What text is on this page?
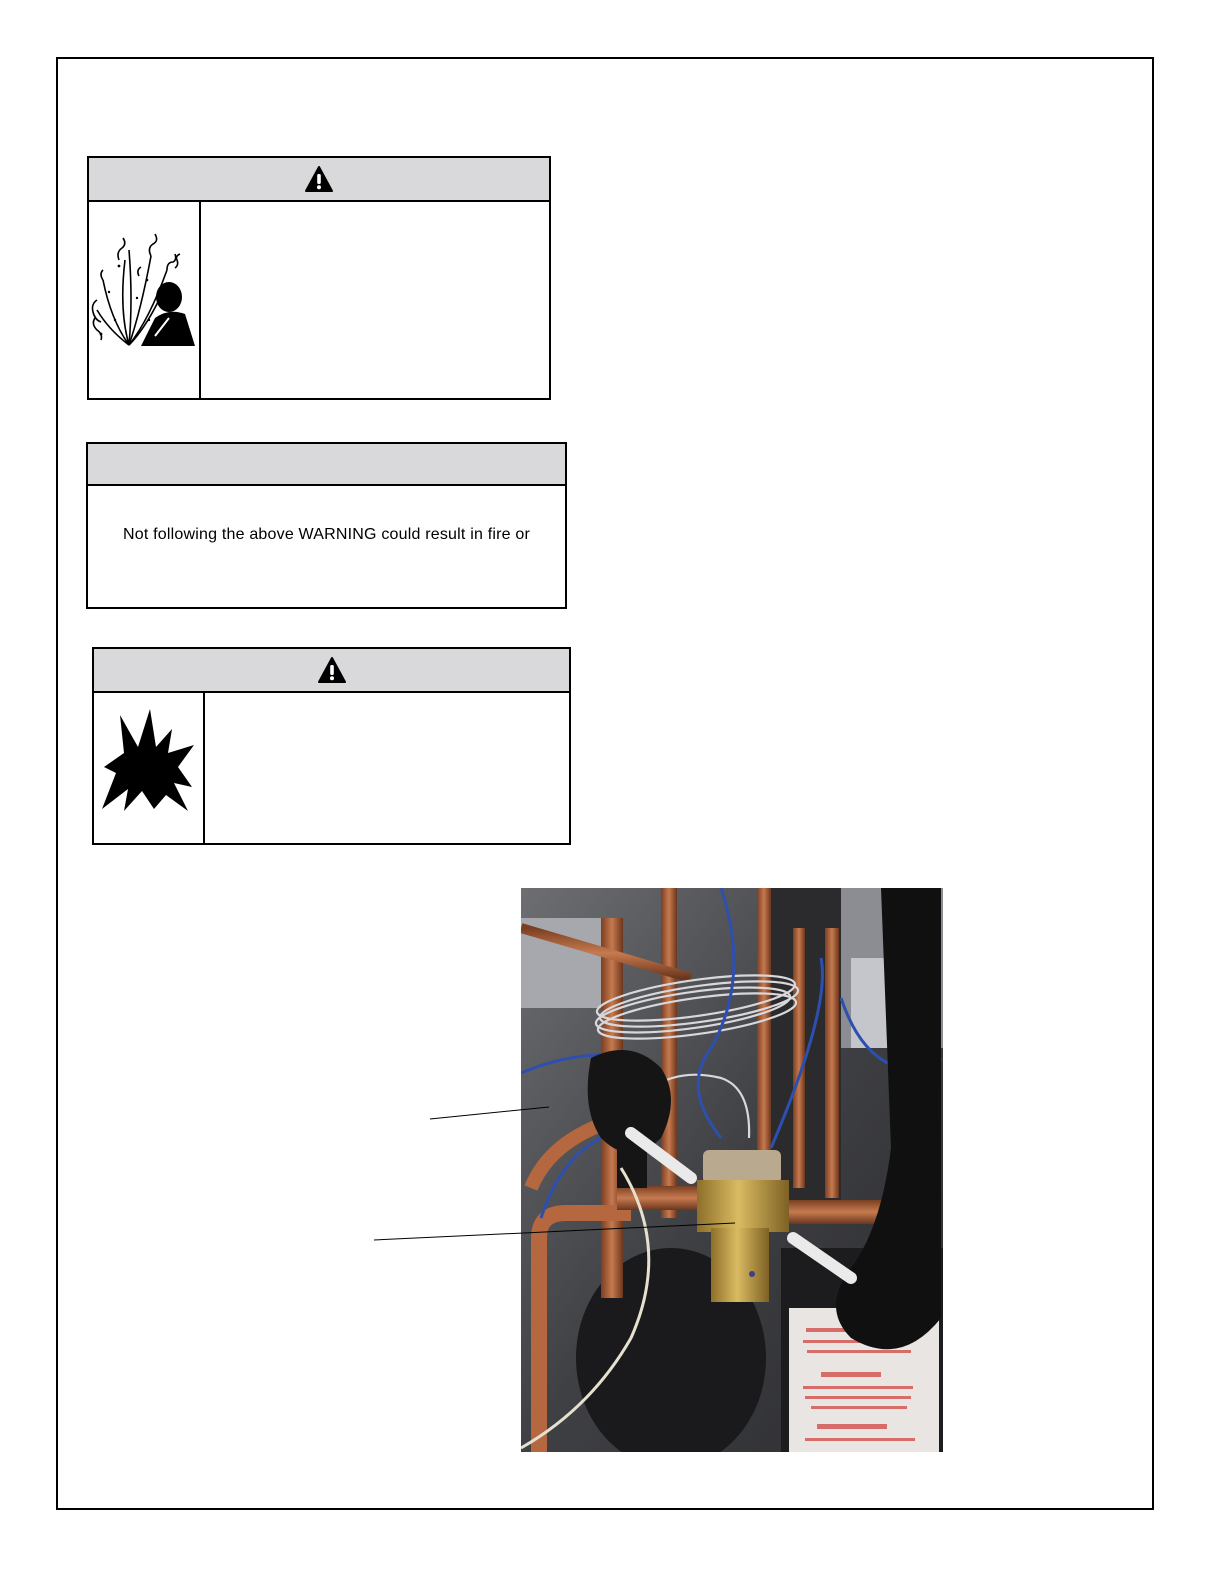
Not following the above WARNING could result in fire or
